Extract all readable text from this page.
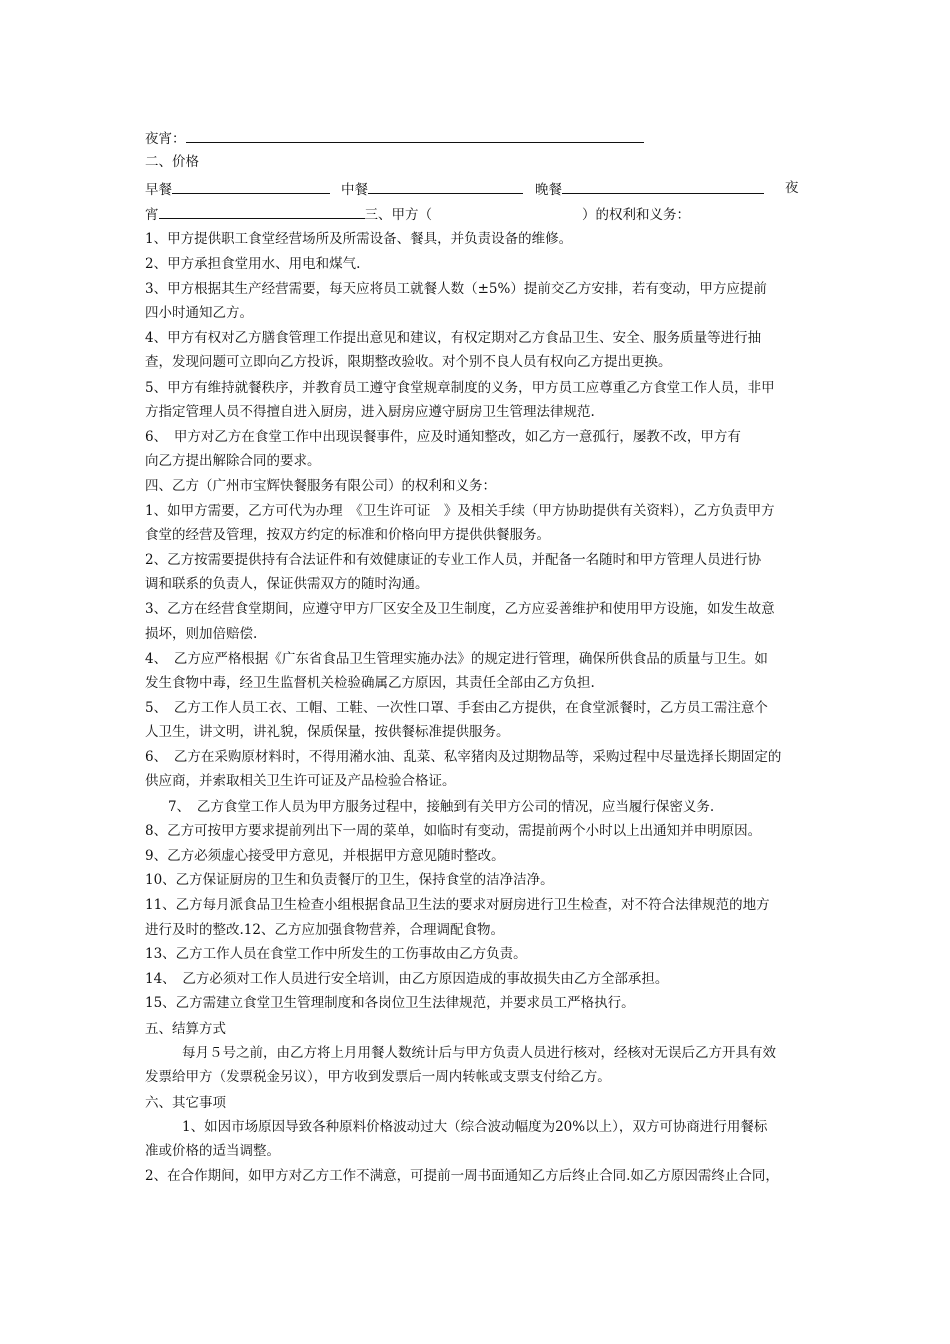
夜宵：
二、价格
早餐	中餐	晚餐	夜
宵	三、甲方（	）的权利和义务：
1、甲方提供职工食堂经营场所及所需设备、餐具，并负责设备的维修。
2、甲方承担食堂用水、用电和煤气.
3、甲方根据其生产经营需要，每天应将员工就餐人数（±5%）提前交乙方安排，若有变动，甲方应提前
四小时通知乙方。
4、甲方有权对乙方膳食管理工作提出意见和建议，有权定期对乙方食品卫生、安全、服务质量等进行抽
查，发现问题可立即向乙方投诉，限期整改验收。对个别不良人员有权向乙方提出更换。
5、甲方有维持就餐秩序，并教育员工遵守食堂规章制度的义务，甲方员工应尊重乙方食堂工作人员，非甲
方指定管理人员不得擅自进入厨房，进入厨房应遵守厨房卫生管理法律规范.
6、　甲方对乙方在食堂工作中出现误餐事件，应及时通知整改，如乙方一意孤行，屡教不改，甲方有
向乙方提出解除合同的要求。
四、乙方（广州市宝辉快餐服务有限公司）的权利和义务：
1、如甲方需要，乙方可代为办理　《卫生许可证　》及相关手续（甲方协助提供有关资料），乙方负责甲方
食堂的经营及管理，按双方约定的标准和价格向甲方提供供餐服务。
2、乙方按需要提供持有合法证件和有效健康证的专业工作人员，并配备一名随时和甲方管理人员进行协
调和联系的负责人，保证供需双方的随时沟通。
3、乙方在经营食堂期间，应遵守甲方厂区安全及卫生制度，乙方应妥善维护和使用甲方设施，如发生故意
损坏，则加倍赔偿.
4、　乙方应严格根据《广东省食品卫生管理实施办法》的规定进行管理，确保所供食品的质量与卫生。如
发生食物中毒，经卫生监督机关检验确属乙方原因，其责任全部由乙方负担.
5、　乙方工作人员工衣、工帽、工鞋、一次性口罩、手套由乙方提供，在食堂派餐时，乙方员工需注意个
人卫生，讲文明，讲礼貌，保质保量，按供餐标准提供服务。
6、　乙方在采购原材料时，不得用潲水油、乱菜、私宰猪肉及过期物品等，采购过程中尽量选择长期固定的
供应商，并索取相关卫生许可证及产品检验合格证。
7、　乙方食堂工作人员为甲方服务过程中，接触到有关甲方公司的情况，应当履行保密义务.
8、乙方可按甲方要求提前列出下一周的菜单，如临时有变动，需提前两个小时以上出通知并申明原因。
9、乙方必须虚心接受甲方意见，并根据甲方意见随时整改。
10、乙方保证厨房的卫生和负责餐厅的卫生，保持食堂的洁净洁净。
11、乙方每月派食品卫生检查小组根据食品卫生法的要求对厨房进行卫生检查，对不符合法律规范的地方
进行及时的整改.12、乙方应加强食物营养，合理调配食物。
13、乙方工作人员在食堂工作中所发生的工伤事故由乙方负责。
14、　乙方必须对工作人员进行安全培训，由乙方原因造成的事故损失由乙方全部承担。
15、乙方需建立食堂卫生管理制度和各岗位卫生法律规范，并要求员工严格执行。
五、结算方式
每月５号之前，由乙方将上月用餐人数统计后与甲方负责人员进行核对，经核对无误后乙方开具有效
发票给甲方（发票税金另议），甲方收到发票后一周内转帐或支票支付给乙方。
六、其它事项
1、如因市场原因导致各种原料价格波动过大（综合波动幅度为20%以上），双方可协商进行用餐标
准或价格的适当调整。
2、在合作期间，如甲方对乙方工作不满意，可提前一周书面通知乙方后终止合同.如乙方原因需终止合同，
